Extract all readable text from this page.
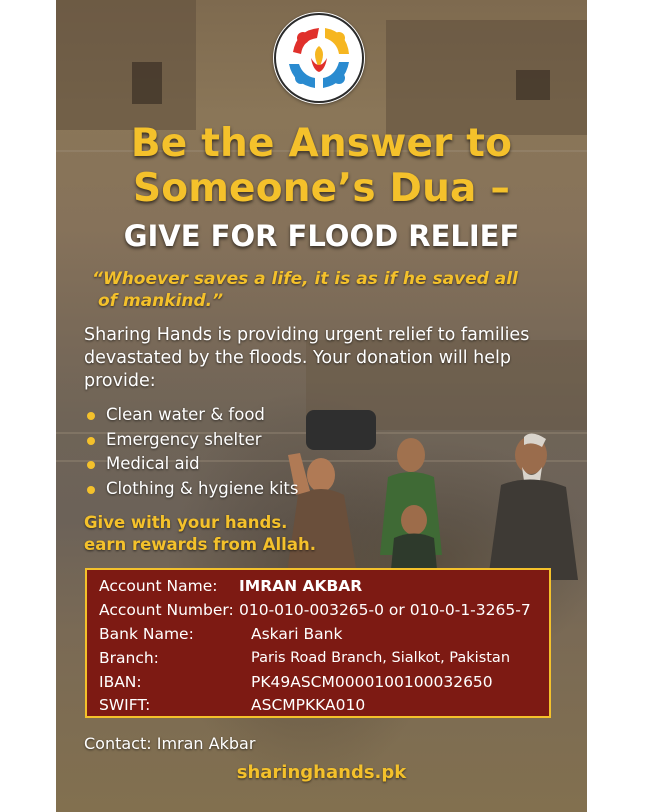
Be the Answer to
Someone’s Dua –
GIVE FOR FLOOD RELIEF
“Whoever saves a life, it is as if he saved all
of mankind.”
Sharing Hands is providing urgent relief to families
devastated by the floods. Your donation will help
provide:
Clean water & food
Emergency shelter
Medical aid
Clothing & hygiene kits
Give with your hands.
earn rewards from Allah.
Account Name: IMRAN AKBAR
Account Number: 010-010-003265-0 or 010-0-1-3265-7
Bank Name:	Askari Bank
Branch:	Paris Road Branch, Sialkot, Pakistan
IBAN:	PK49ASCM0000100100032650
SWIFT:	ASCMPKKA010
Contact: Imran Akbar
sharinghands.pk
